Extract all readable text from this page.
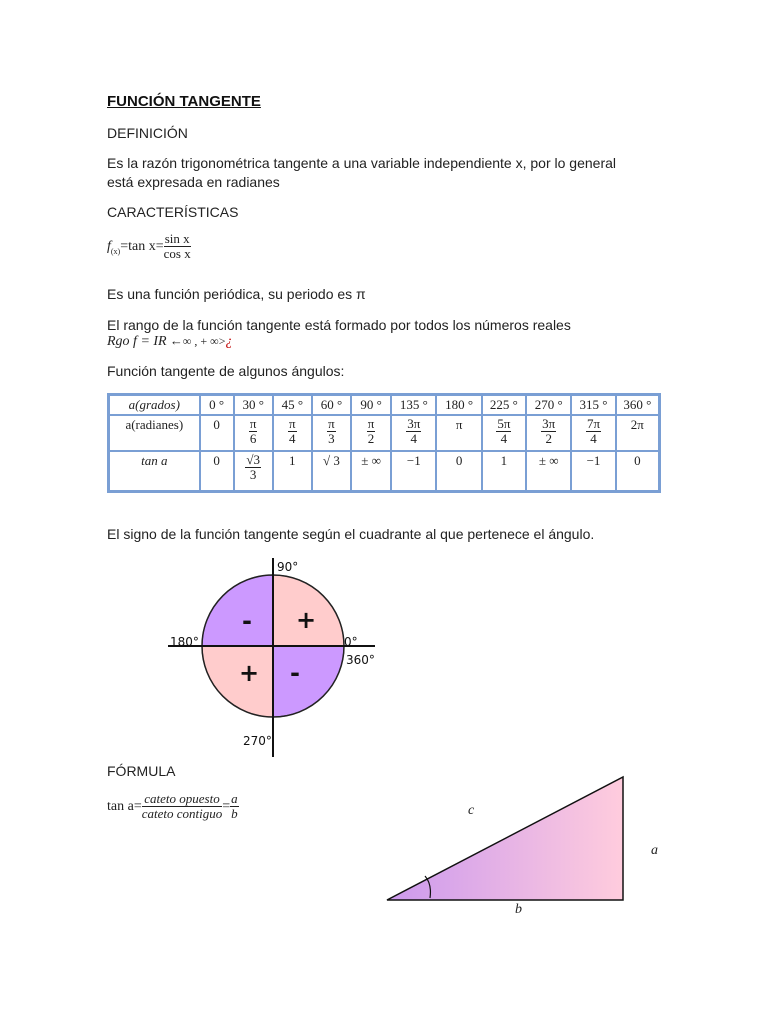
FUNCIÓN TANGENTE
DEFINICIÓN
Es la razón trigonométrica tangente a una variable independiente x, por lo general
está expresada en radianes
CARACTERÍSTICAS
$f_{(x)}=\tan$ $x= \frac{\text{sin x}}{\text{cos x}}$
Es una función periódica, su periodo es π
El rango de la función tangente está formado por todos los números reales
Rgo f = IR ←∞ , + ∞>¿
Función tangente de algunos ángulos:
a(grados)	0 °	30 °	45 °	60 °	90 °	135 °	180 °	225 °	270 °	315 °	360 °
a(radianes)	0	$\frac{\pi}{6}$	$\frac{\pi}{4}$	$\frac{\pi}{3}$	$\frac{\pi}{2}$	$\frac{3\pi}{4}$	π	$\frac{5\pi}{4}$	$\frac{3\pi}{2}$	$\frac{7\pi}{4}$	2π
tan a	0	$\frac{√3}{3}$	1	√ 3	± ∞	−1	0	1	± ∞	−1	0
El signo de la función tangente según el cuadrante al que pertenece el ángulo.
90°
0°
360°
180°
270°
+
-
+ -
FÓRMULA
$\tan a= \frac{\text{cateto opuesto}}{\text{cateto contiguo}} = \frac{a}{b}$	c
a
b
